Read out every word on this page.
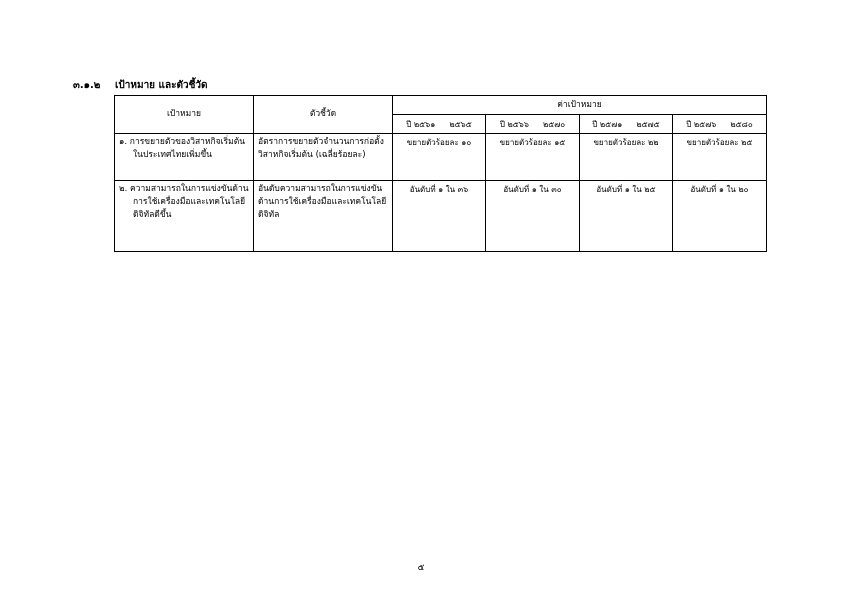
๓.๑.๒ เป้าหมาย และตัวชี้วัด
เป้าหมาย	ตัวชี้วัด	ค่าเป้าหมาย			
		ปี ๒๕๖๑ ๒๕๖๕	ปี ๒๕๖๖ ๒๕๗๐	ปี ๒๕๗๑ ๒๕๗๕	ปี ๒๕๗๖ ๒๕๘๐

๑. การขยายตัวของวิสาหกิจเริ่มต้นในประเทศไทยเพิ่มขึ้น	อัตราการขยายตัวจำนวนการก่อตั้งวิสาหกิจเริ่มต้น (เฉลี่ยร้อยละ)	ขยายตัวร้อยละ ๑๐	ขยายตัวร้อยละ ๑๕	ขยายตัวร้อยละ ๒๒	ขยายตัวร้อยละ ๒๕

๒. ความสามารถในการแข่งขันด้านการใช้เครื่องมือและเทคโนโลยีดิจิทัลดีขึ้น	อันดับความสามารถในการแข่งขันด้านการใช้เครื่องมือและเทคโนโลยีดิจิทัล	อันดับที่ ๑ ใน ๓๖	อันดับที่ ๑ ใน ๓๐	อันดับที่ ๑ ใน ๒๕	อันดับที่ ๑ ใน ๒๐
๕
